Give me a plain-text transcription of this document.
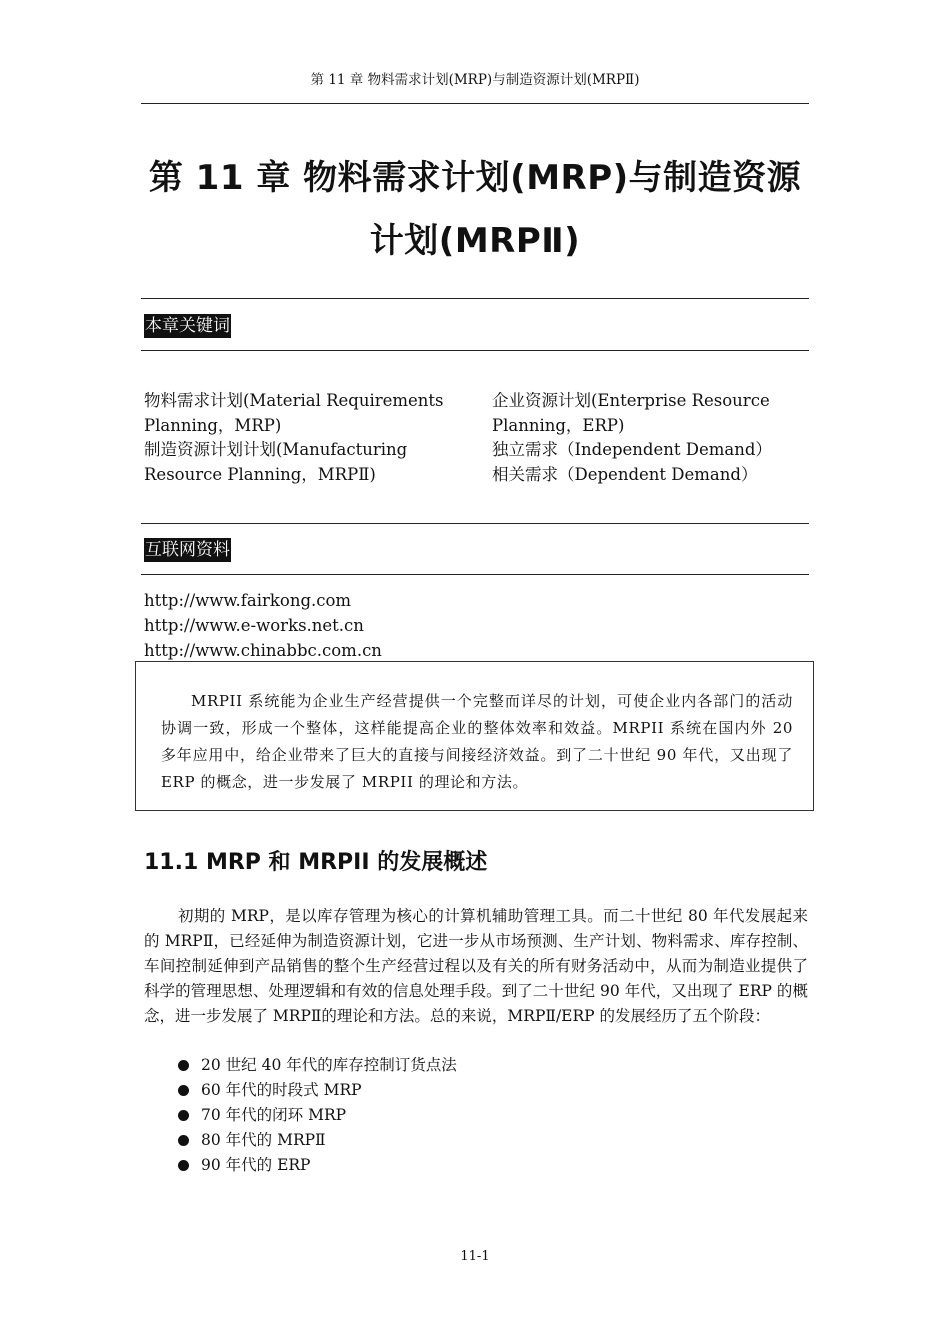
第 11 章 物料需求计划(MRP)与制造资源计划(MRPⅡ)
第 11 章 物料需求计划(MRP)与制造资源
计划(MRPⅡ)
本章关键词
物料需求计划(Material Requirements
Planning，MRP)
制造资源计划计划(Manufacturing
Resource Planning，MRPⅡ)
企业资源计划(Enterprise Resource
Planning，ERP)
独立需求（Independent Demand）
相关需求（Dependent Demand）
互联网资料
http://www.fairkong.com
http://www.e-works.net.cn
http://www.chinabbc.com.cn
MRPII 系统能为企业生产经营提供一个完整而详尽的计划，可使企业内各部门的活动协调一致，形成一个整体，这样能提高企业的整体效率和效益。MRPII 系统在国内外 20 多年应用中，给企业带来了巨大的直接与间接经济效益。到了二十世纪 90 年代，又出现了 ERP 的概念，进一步发展了 MRPII 的理论和方法。
11.1 MRP 和 MRPII 的发展概述
初期的 MRP，是以库存管理为核心的计算机辅助管理工具。而二十世纪 80 年代发展起来的 MRPⅡ，已经延伸为制造资源计划，它进一步从市场预测、生产计划、物料需求、库存控制、车间控制延伸到产品销售的整个生产经营过程以及有关的所有财务活动中，从而为制造业提供了科学的管理思想、处理逻辑和有效的信息处理手段。到了二十世纪 90 年代，又出现了 ERP 的概念，进一步发展了 MRPⅡ的理论和方法。总的来说，MRPⅡ/ERP 的发展经历了五个阶段：
20 世纪 40 年代的库存控制订货点法
60 年代的时段式 MRP
70 年代的闭环 MRP
80 年代的 MRPⅡ
90 年代的 ERP
11-1
